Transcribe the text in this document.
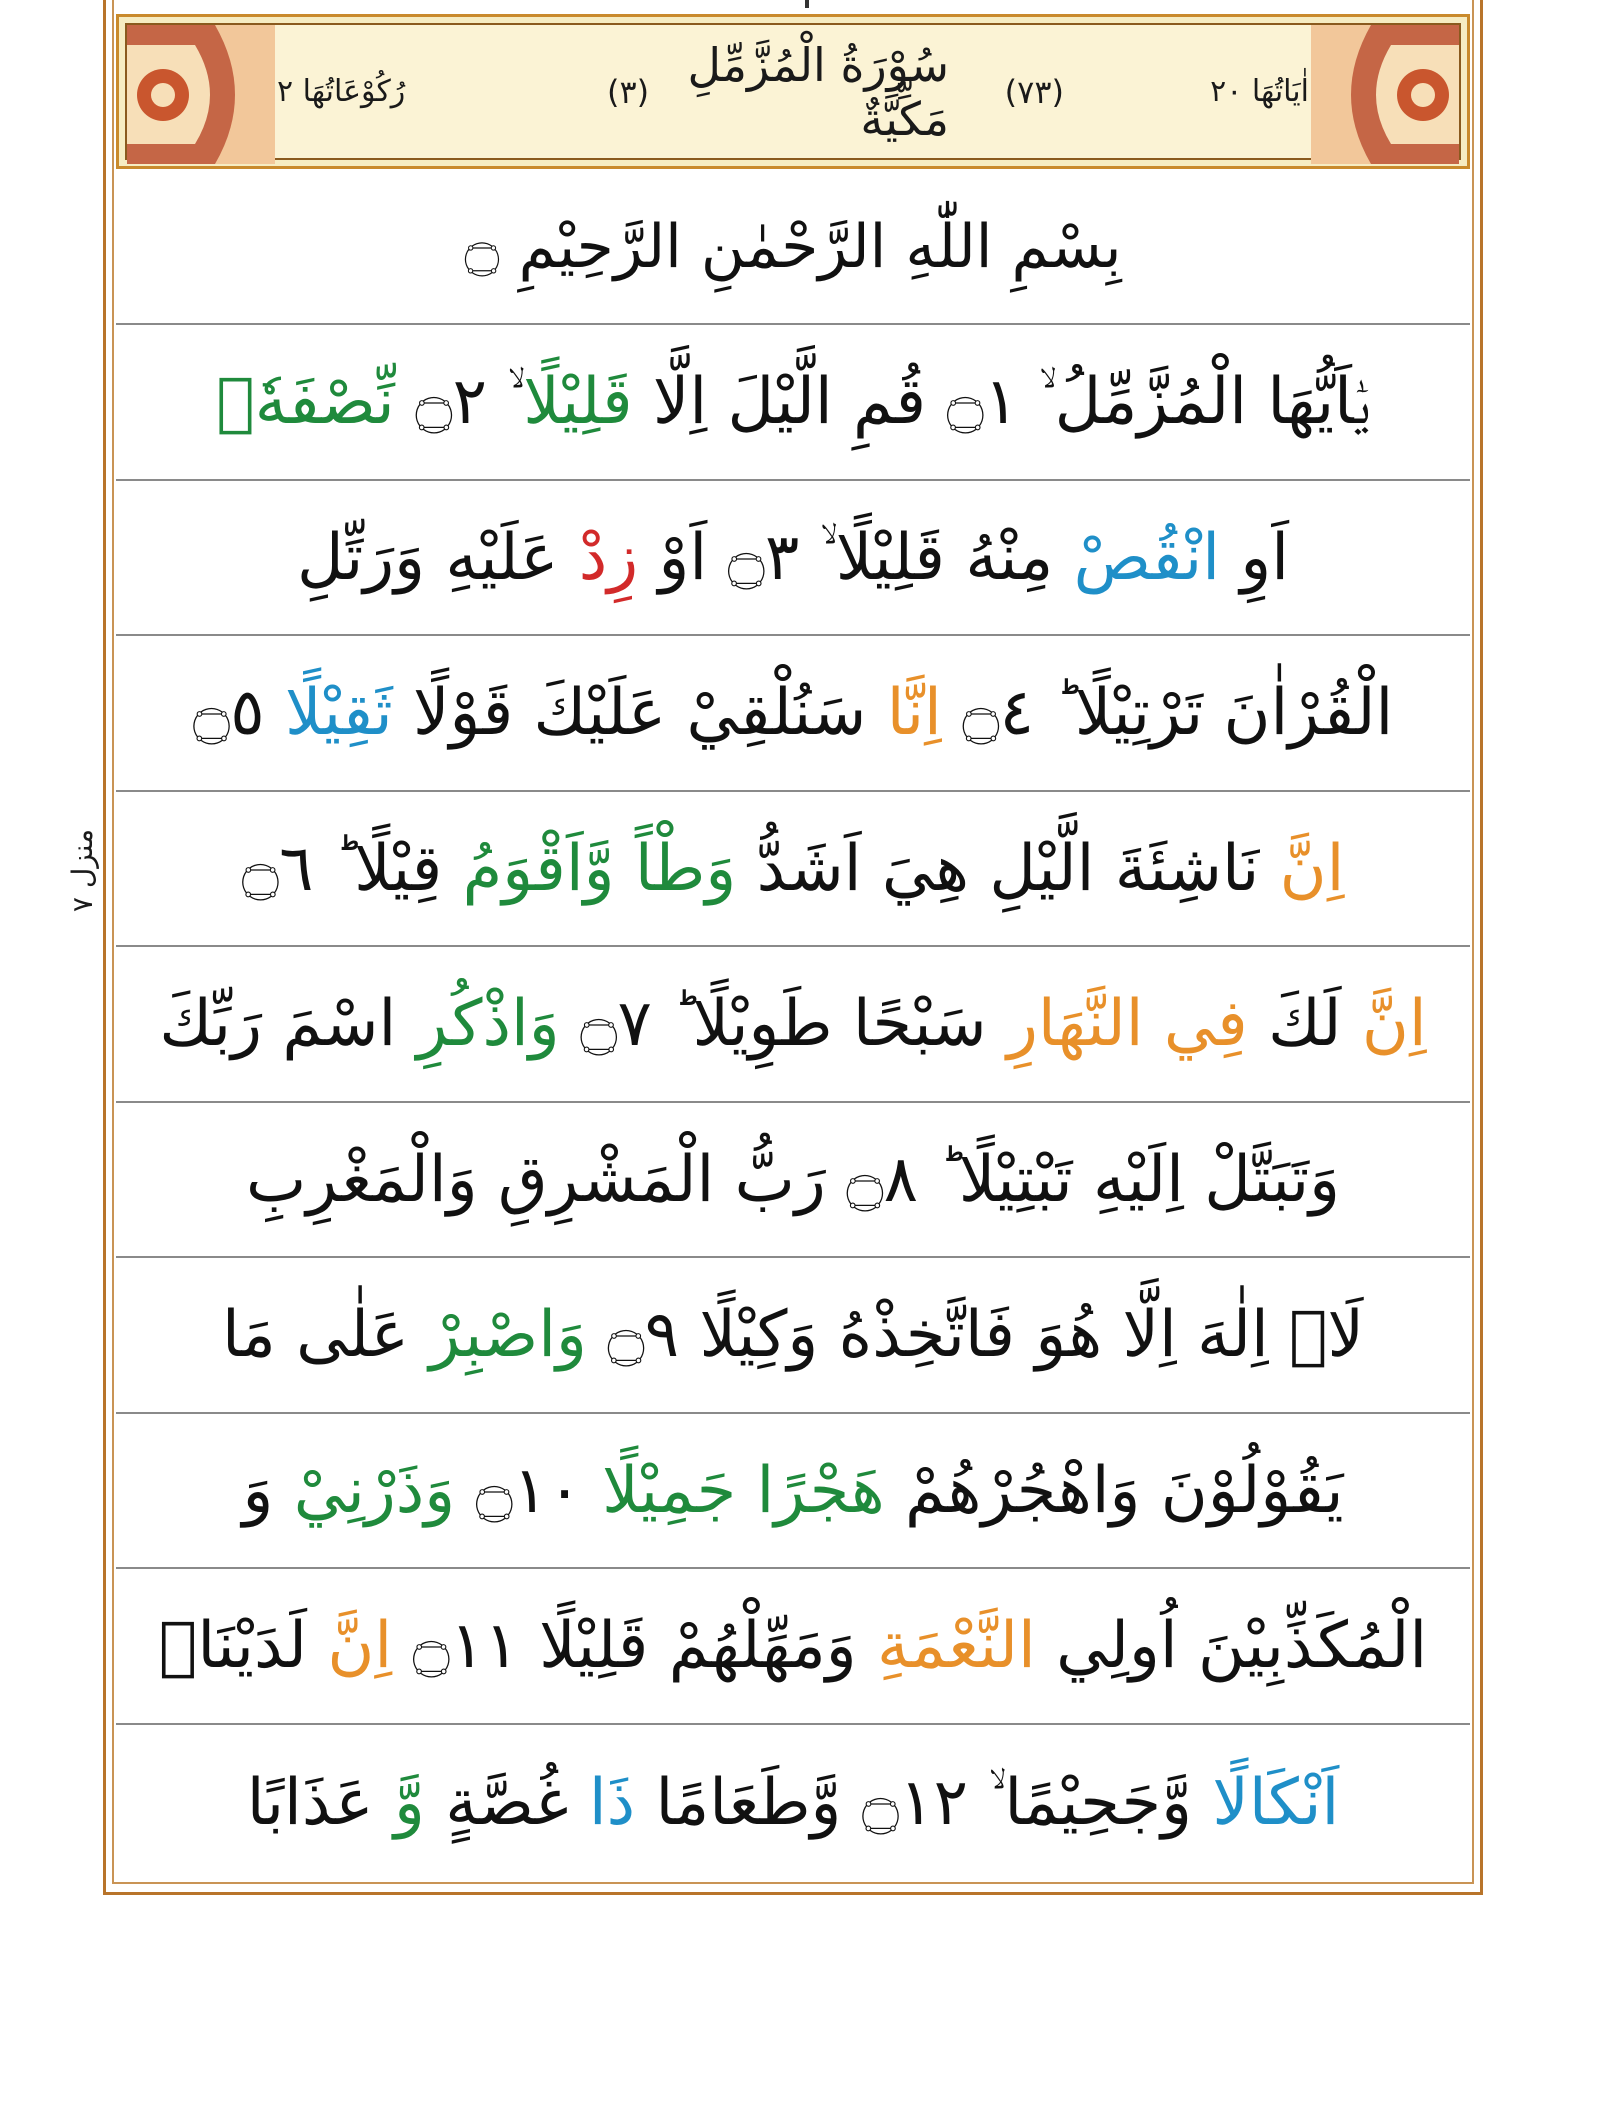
اٰيَاتُهَا ٢٠
(٧٣)
سُوْرَةُ الْمُزَّمِّلِ مَكِّيَّةٌ
(٣)
رُكُوْعَاتُهَا ٢
منزل ٧
بِسْمِ اللّٰهِ الرَّحْمٰنِ الرَّحِيْمِ ۝
يٰۤاَيُّهَا الْمُزَّمِّلُ ۙ ۝١ قُمِ الَّيْلَ اِلَّا قَلِيْلًا ۙ ۝٢ نِّصْفَهٗۤ
اَوِ انْقُصْ مِنْهُ قَلِيْلًا ۙ ۝٣ اَوْ زِدْ عَلَيْهِ وَرَتِّلِ
الْقُرْاٰنَ تَرْتِيْلًا ؕ ۝٤ اِنَّا سَنُلْقِيْ عَلَيْكَ قَوْلًا ثَقِيْلًا ۝٥
اِنَّ نَاشِئَةَ الَّيْلِ هِيَ اَشَدُّ وَطْاً وَّاَقْوَمُ قِيْلًا ؕ ۝٦
اِنَّ لَكَ فِي النَّهَارِ سَبْحًا طَوِيْلًا ؕ ۝٧ وَاذْكُرِ اسْمَ رَبِّكَ
وَتَبَتَّلْ اِلَيْهِ تَبْتِيْلًا ؕ ۝٨ رَبُّ الْمَشْرِقِ وَالْمَغْرِبِ
لَاۤ اِلٰهَ اِلَّا هُوَ فَاتَّخِذْهُ وَكِيْلًا ۝٩ وَاصْبِرْ عَلٰى مَا
يَقُوْلُوْنَ وَاهْجُرْهُمْ هَجْرًا جَمِيْلًا ۝١٠ وَذَرْنِيْ وَ
الْمُكَذِّبِيْنَ اُولِي النَّعْمَةِ وَمَهِّلْهُمْ قَلِيْلًا ۝١١ اِنَّ لَدَيْنَاۤ
اَنْكَالًا وَّجَحِيْمًا ۙ ۝١٢ وَّطَعَامًا ذَا غُصَّةٍ وَّ عَذَابًا
